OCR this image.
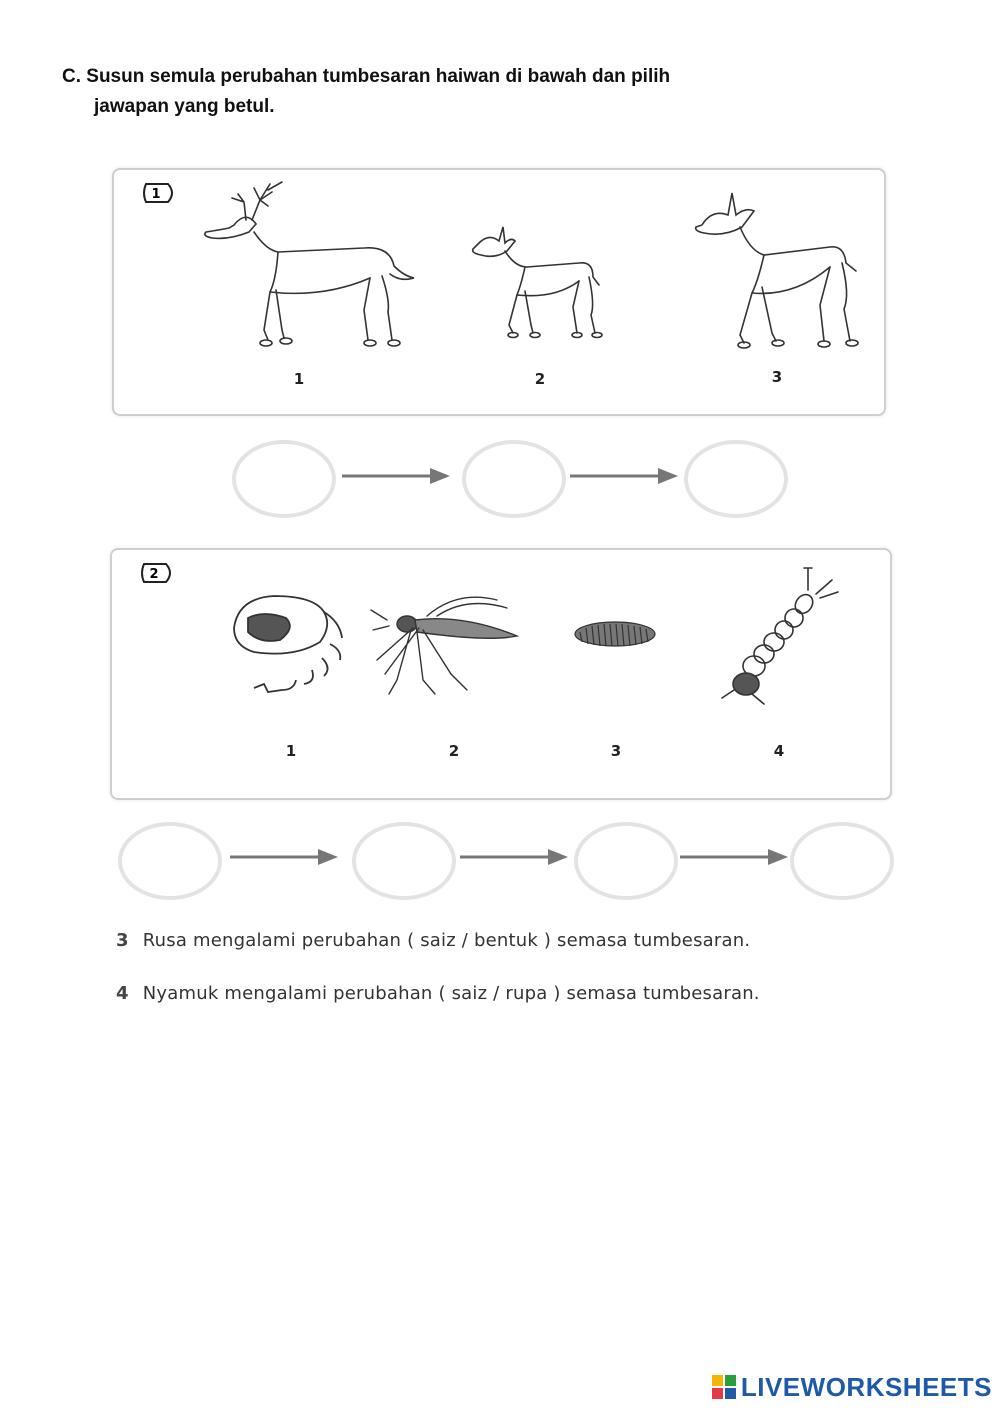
C. Susun semula perubahan tumbesaran haiwan di bawah dan pilih
jawapan yang betul.
1
1	2	3
2
1	2	3	4
3 Rusa mengalami perubahan ( saiz / bentuk ) semasa tumbesaran.
4 Nyamuk mengalami perubahan ( saiz / rupa ) semasa tumbesaran.
LIVEWORKSHEETS
